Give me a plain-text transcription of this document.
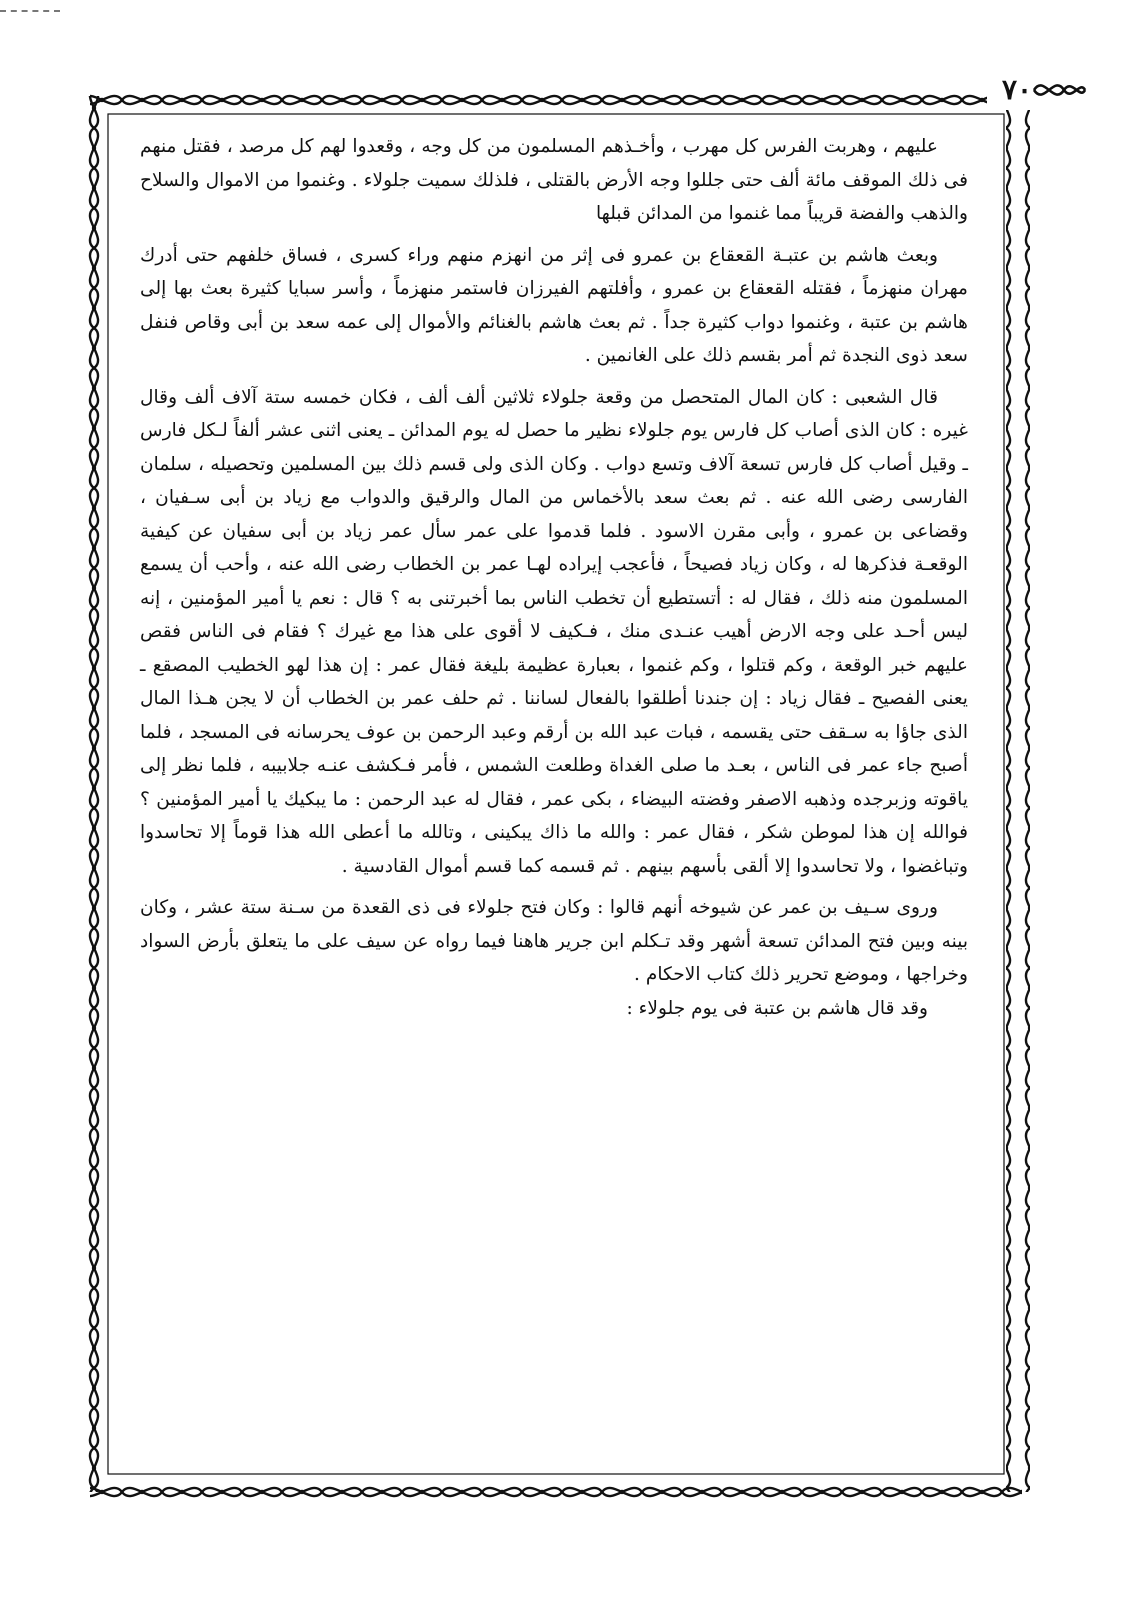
٧٠

عليهم ، وهربت الفرس كل مهرب ، وأخـذهم المسلمون من كل وجه ، وقعدوا لهم كل مرصد ، فقتل منهم فى ذلك الموقف مائة ألف حتى جللوا وجه الأرض بالقتلى ، فلذلك سميت جلولاء . وغنموا من الاموال والسلاح والذهب والفضة قريباً مما غنموا من المدائن قبلها

وبعث هاشم بن عتبـة القعقاع بن عمرو فى إثر من انهزم منهم وراء كسرى ، فساق خلفهم حتى أدرك مهران منهزماً ، فقتله القعقاع بن عمرو ، وأفلتهم الفيرزان فاستمر منهزماً ، وأسر سبايا كثيرة بعث بها إلى هاشم بن عتبة ، وغنموا دواب كثيرة جداً . ثم بعث هاشم بالغنائم والأموال إلى عمه سعد بن أبى وقاص فنفل سعد ذوى النجدة ثم أمر بقسم ذلك على الغانمين .

قال الشعبى : كان المال المتحصل من وقعة جلولاء ثلاثين ألف ألف ، فكان خمسه ستة آلاف ألف وقال غيره : كان الذى أصاب كل فارس يوم جلولاء نظير ما حصل له يوم المدائن ـ يعنى اثنى عشر ألفاً لـكل فارس ـ وقيل أصاب كل فارس تسعة آلاف وتسع دواب . وكان الذى ولى قسم ذلك بين المسلمين وتحصيله ، سلمان الفارسى رضى الله عنه . ثم بعث سعد بالأخماس من المال والرقيق والدواب مع زياد بن أبى سـفيان ، وقضاعى بن عمرو ، وأبى مقرن الاسود . فلما قدموا على عمر سأل عمر زياد بن أبى سفيان عن كيفية الوقعـة فذكرها له ، وكان زياد فصيحاً ، فأعجب إيراده لهـا عمر بن الخطاب رضى الله عنه ، وأحب أن يسمع المسلمون منه ذلك ، فقال له : أتستطيع أن تخطب الناس بما أخبرتنى به ؟ قال : نعم يا أمير المؤمنين ، إنه ليس أحـد على وجه الارض أهيب عنـدى منك ، فـكيف لا أقوى على هذا مع غيرك ؟ فقام فى الناس فقص عليهم خبر الوقعة ، وكم قتلوا ، وكم غنموا ، بعبارة عظيمة بليغة فقال عمر : إن هذا لهو الخطيب المصقع ـ يعنى الفصيح ـ فقال زياد : إن جندنا أطلقوا بالفعال لساننا . ثم حلف عمر بن الخطاب أن لا يجن هـذا المال الذى جاؤا به سـقف حتى يقسمه ، فبات عبد الله بن أرقم وعبد الرحمن بن عوف يحرسانه فى المسجد ، فلما أصبح جاء عمر فى الناس ، بعـد ما صلى الغداة وطلعت الشمس ، فأمر فـكشف عنـه جلابيبه ، فلما نظر إلى ياقوته وزبرجده وذهبه الاصفر وفضته البيضاء ، بكى عمر ، فقال له عبد الرحمن : ما يبكيك يا أمير المؤمنين ؟ فوالله إن هذا لموطن شكر ، فقال عمر : والله ما ذاك يبكينى ، وتالله ما أعطى الله هذا قوماً إلا تحاسدوا وتباغضوا ، ولا تحاسدوا إلا ألقى بأسهم بينهم . ثم قسمه كما قسم أموال القادسية .

وروى سـيف بن عمر عن شيوخه أنهم قالوا : وكان فتح جلولاء فى ذى القعدة من سـنة ستة عشر ، وكان بينه وبين فتح المدائن تسعة أشهر وقد تـكلم ابن جرير هاهنا فيما رواه عن سيف على ما يتعلق بأرض السواد وخراجها ، وموضع تحرير ذلك كتاب الاحكام .

وقد قال هاشم بن عتبة فى يوم جلولاء :
